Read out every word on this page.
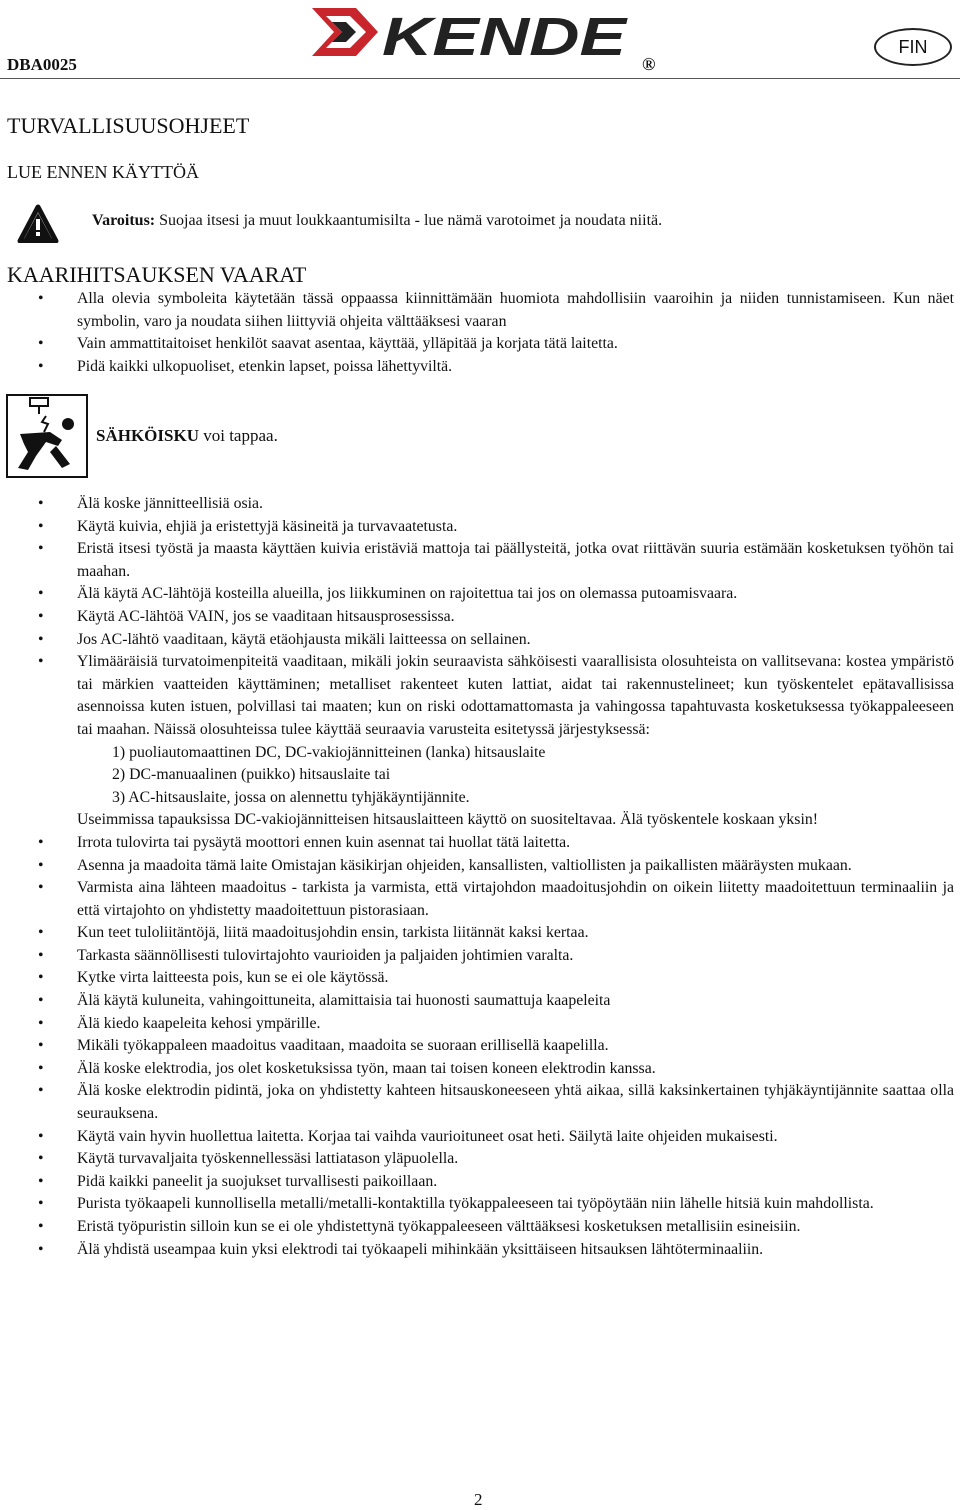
DBA0025	KENDE ®
FIN
TURVALLISUUSOHJEET
LUE ENNEN KÄYTTÖÄ
Varoitus: Suojaa itsesi ja muut loukkaantumisilta - lue nämä varotoimet ja noudata niitä.
KAARIHITSAUKSEN VAARAT
• Alla olevia symboleita käytetään tässä oppaassa kiinnittämään huomiota mahdollisiin vaaroihin ja niiden tunnistamiseen. Kun näet symbolin, varo ja noudata siihen liittyviä ohjeita välttääksesi vaaran
• Vain ammattitaitoiset henkilöt saavat asentaa, käyttää, ylläpitää ja korjata tätä laitetta.
• Pidä kaikki ulkopuoliset, etenkin lapset, poissa lähettyviltä.
SÄHKÖISKU voi tappaa.
• Älä koske jännitteellisiä osia.
• Käytä kuivia, ehjiä ja eristettyjä käsineitä ja turvavaatetusta.
• Eristä itsesi työstä ja maasta käyttäen kuivia eristäviä mattoja tai päällysteitä, jotka ovat riittävän suuria estämään kosketuksen työhön tai maahan.
• Älä käytä AC-lähtöjä kosteilla alueilla, jos liikkuminen on rajoitettua tai jos on olemassa putoamisvaara.
• Käytä AC-lähtöä VAIN, jos se vaaditaan hitsausprosessissa.
• Jos AC-lähtö vaaditaan, käytä etäohjausta mikäli laitteessa on sellainen.
• Ylimääräisiä turvatoimenpiteitä vaaditaan, mikäli jokin seuraavista sähköisesti vaarallisista olosuhteista on vallitsevana: kostea ympäristö tai märkien vaatteiden käyttäminen; metalliset rakenteet kuten lattiat, aidat tai rakennustelineet; kun työskentelet epätavallisissa asennoissa kuten istuen, polvillasi tai maaten; kun on riski odottamattomasta ja vahingossa tapahtuvasta kosketuksessa työkappaleeseen tai maahan. Näissä olosuhteissa tulee käyttää seuraavia varusteita esitetyssä järjestyksessä:
1) puoliautomaattinen DC, DC-vakiojännitteinen (lanka) hitsauslaite
2) DC-manuaalinen (puikko) hitsauslaite tai
3) AC-hitsauslaite, jossa on alennettu tyhjäkäyntijännite.
Useimmissa tapauksissa DC-vakiojännitteisen hitsauslaitteen käyttö on suositeltavaa. Älä työskentele koskaan yksin!
• Irrota tulovirta tai pysäytä moottori ennen kuin asennat tai huollat tätä laitetta.
• Asenna ja maadoita tämä laite Omistajan käsikirjan ohjeiden, kansallisten, valtiollisten ja paikallisten määräysten mukaan.
• Varmista aina lähteen maadoitus - tarkista ja varmista, että virtajohdon maadoitusjohdin on oikein liitetty maadoitettuun terminaaliin ja että virtajohto on yhdistetty maadoitettuun pistorasiaan.
• Kun teet tuloliitäntöjä, liitä maadoitusjohdin ensin, tarkista liitännät kaksi kertaa.
• Tarkasta säännöllisesti tulovirtajohto vaurioiden ja paljaiden johtimien varalta.
• Kytke virta laitteesta pois, kun se ei ole käytössä.
• Älä käytä kuluneita, vahingoittuneita, alamittaisia tai huonosti saumattuja kaapeleita
• Älä kiedo kaapeleita kehosi ympärille.
• Mikäli työkappaleen maadoitus vaaditaan, maadoita se suoraan erillisellä kaapelilla.
• Älä koske elektrodia, jos olet kosketuksissa työn, maan tai toisen koneen elektrodin kanssa.
• Älä koske elektrodin pidintä, joka on yhdistetty kahteen hitsauskoneeseen yhtä aikaa, sillä kaksinkertainen tyhjäkäyntijännite saattaa olla seurauksena.
• Käytä vain hyvin huollettua laitetta. Korjaa tai vaihda vaurioituneet osat heti. Säilytä laite ohjeiden mukaisesti.
• Käytä turvavaljaita työskennellessäsi lattiatason yläpuolella.
• Pidä kaikki paneelit ja suojukset turvallisesti paikoillaan.
• Purista työkaapeli kunnollisella metalli/metalli-kontaktilla työkappaleeseen tai työpöytään niin lähelle hitsiä kuin mahdollista.
• Eristä työpuristin silloin kun se ei ole yhdistettynä työkappaleeseen välttääksesi kosketuksen metallisiin esineisiin.
• Älä yhdistä useampaa kuin yksi elektrodi tai työkaapeli mihinkään yksittäiseen hitsauksen lähtöterminaaliin.
2
